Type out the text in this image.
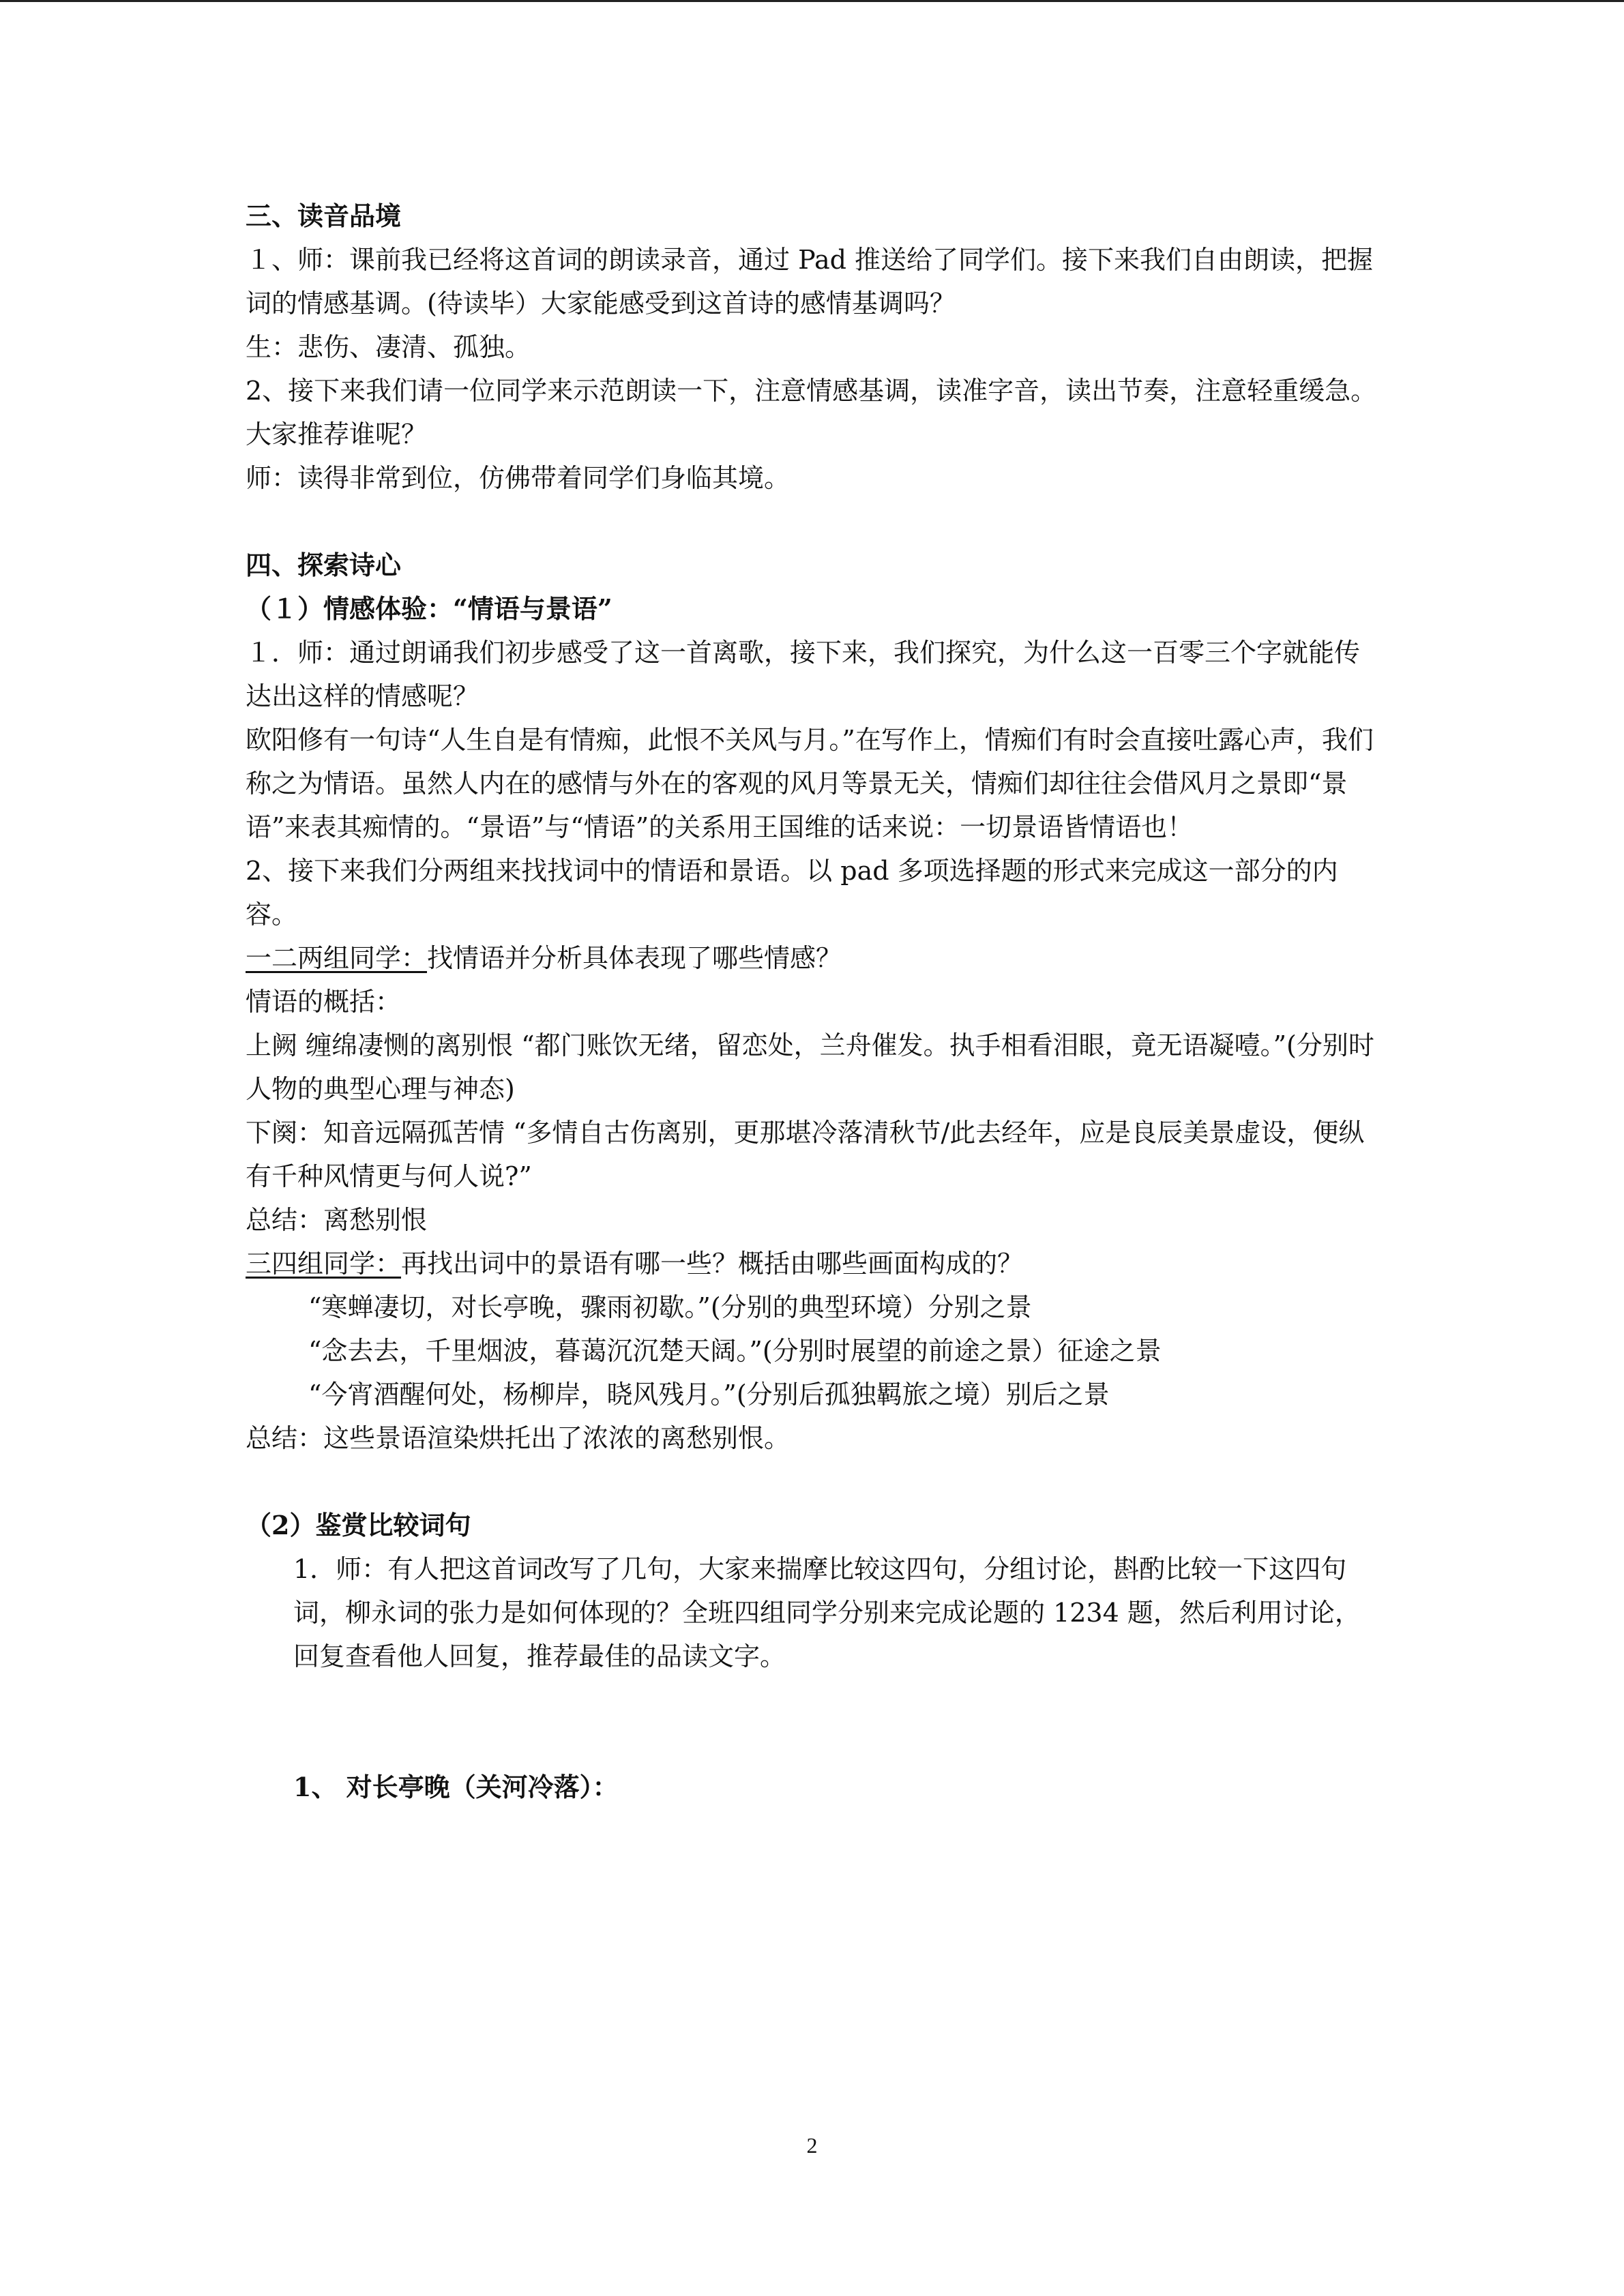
三、读音品境

１、师：课前我已经将这首词的朗读录音，通过 Pad 推送给了同学们。接下来我们自由朗读，把握词的情感基调。(待读毕）大家能感受到这首诗的感情基调吗？

生：悲伤、凄清、孤独。

2、接下来我们请一位同学来示范朗读一下，注意情感基调，读准字音，读出节奏，注意轻重缓急。大家推荐谁呢？

师：读得非常到位，仿佛带着同学们身临其境。

四、探索诗心

（１）情感体验：“情语与景语”

１．师：通过朗诵我们初步感受了这一首离歌，接下来，我们探究，为什么这一百零三个字就能传达出这样的情感呢？

欧阳修有一句诗“人生自是有情痴，此恨不关风与月。”在写作上，情痴们有时会直接吐露心声，我们称之为情语。虽然人内在的感情与外在的客观的风月等景无关，情痴们却往往会借风月之景即“景语”来表其痴情的。“景语”与“情语”的关系用王国维的话来说：一切景语皆情语也！

2、接下来我们分两组来找找词中的情语和景语。以 pad 多项选择题的形式来完成这一部分的内容。

一二两组同学：找情语并分析具体表现了哪些情感？

情语的概括：

上阙 缠绵凄恻的离别恨 “都门账饮无绪，留恋处，兰舟催发。执手相看泪眼，竟无语凝噎。”(分别时人物的典型心理与神态)

下阕：知音远隔孤苦情 “多情自古伤离别，更那堪冷落清秋节/此去经年，应是良辰美景虚设，便纵有千种风情更与何人说?”

总结：离愁别恨

三四组同学：再找出词中的景语有哪一些？概括由哪些画面构成的？

“寒蝉凄切，对长亭晚，骤雨初歇。”(分别的典型环境）分别之景

“念去去，千里烟波，暮蔼沉沉楚天阔。”(分别时展望的前途之景）征途之景

“今宵酒醒何处，杨柳岸，晓风残月。”(分别后孤独羁旅之境）别后之景

总结：这些景语渲染烘托出了浓浓的离愁别恨。

（2）鉴赏比较词句

1．师：有人把这首词改写了几句，大家来揣摩比较这四句，分组讨论，斟酌比较一下这四句词，柳永词的张力是如何体现的？全班四组同学分别来完成论题的 1234 题，然后利用讨论，回复查看他人回复，推荐最佳的品读文字。

1、 对长亭晚（关河冷落）：

2
